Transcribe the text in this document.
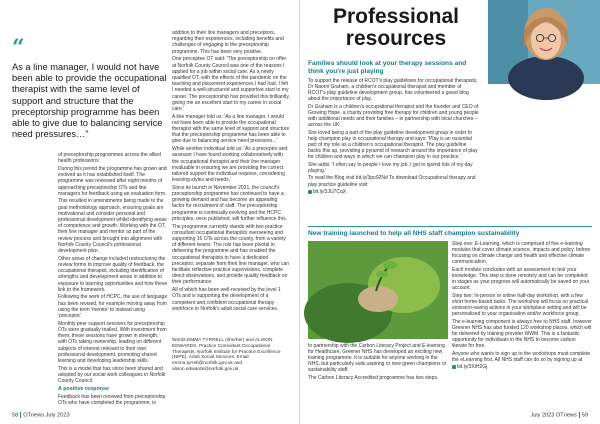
“
As a line manager, I would not have been able to provide the occupational therapist with the same level of support and structure that the preceptorship programme has been able to give due to balancing service need pressures…”

of preceptorship programmes across the allied health professions.

During this period the programme has grown and evolved as it has established itself. The programme was reviewed after eight months of approaching preceptorship OTs and line managers for feedback using an evaluation form.

This resulted in amendments being made to the goal methodology approach, ensuring goals are motivational and consider personal and professional development whilst identifying areas of competence and growth. Working with the OT, their line manager and mentor as part of the review process and brought into alignment with Norfolk County Council's professional development plan.

Other areas of change included restructuring the review forms to improve quality of feedback, the occupational therapist, including identification of strengths and development areas in addition to exposure to learning opportunities and how these link to the framework.

Following the work of HCPC, the use of language has been revised, for example moving away from using the term 'mentor' to instead using 'preceptor'.

Monthly peer support sessions for preceptorship OTs were gradually trialled. With investment from them, these sessions have grown in strength, with OTs taking ownership, leading on different subjects of interest relevant to their own professional development, promoting shared learning and developing leadership skills.

This is a model that has since been shared and adopted by our social work colleagues in Norfolk County Council.

A positive response

Feedback has been received from preceptorship OTs who have completed the programme, in

addition to their line managers and preceptors, regarding their experiences, including benefits and challenges of engaging in the preceptorship programme. This has been very positive.

One preceptee OT said: 'The preceptorship on offer at Norfolk County Council was one of the reasons I applied for a job within social care. As a newly qualified OT, with the effects of the pandemic on the teaching and placement experiences I had had, I felt I needed a well-structured and supportive start to my career. The preceptorship has provided this brilliantly, giving me an excellent start to my career in social care.'

A line manager told us: 'As a line manager, I would not have been able to provide the occupational therapist with the same level of support and structure that the preceptorship programme has been able to give due to balancing service need pressures...'

While another individual told us: 'As a preceptor and assessor I have found working collaboratively with the occupational therapist and their line manager invaluable in ensuring we are providing the correct tailored support the individual requires, considering learning styles and needs.'

Since its launch in November 2021, the council's preceptorship programme has continued to have a growing demand and has become an appealing factor for recruitment of staff. The preceptorship programme is continually evolving and the HCPC principles, once published, will further influence this.

The programme currently stands with two practice consultant occupational therapists overseeing and supporting 16 OTs across the county, from a variety of different teams. The role has been pivotal in delivering the programme and has enabled the occupational therapists to have a dedicated preceptor, separate from their line manager, who can facilitate reflective practice supervisions, complete direct observations, and provide quality feedback on their performance.

All of which has been well-received by the level 1 OTs and is supporting the development of a competent and confident occupational therapy workforce in Norfolk's adult social care services.

Words EMMA TYRRELL (she/her) and ALISON EDWARDS, Practice Consultant Occupational Therapists, Norfolk Institute for Practice Excellence (NIPE), Adult Social Services. Email emma.tyrrell@norfolk.gov.uk and alison.edwards@norfolk.gov.uk

58 OTnews July 2023
Professional
resources
Families should look at your therapy sessions and think you're just playing

To support the release of RCOT's play guidelines for occupational therapists, Dr Naomi Graham, a children's occupational therapist and member of RCOT's play guideline development group, has volunteered a guest blog about the importance of play.

Dr Graham is a children's occupational therapist and the founder and CEO of Growing Hope, a charity providing free therapy for children and young people with additional needs and their families – in partnership with local churches – across the UK.

She loved being a part of the play guideline development group in order to help champion play in occupational therapy and says: 'Play is an essential part of my role as a children's occupational therapist. The play guideline backs this up, providing a pyramid of research around the importance of play for children and ways in which we can champion play in our practice.'

She adds: 'I often say to people I love my job, I get to spend lots of my day playing.'

To read the Blog visit bit.ly/3po92Nd To download Occupational therapy and play practice guideline visit

bit.ly/3JU7CqX

New training launched to help all NHS staff champion sustainability

In partnership with the Carbon Literacy Project and E-learning for Healthcare, Greener NHS has developed an exciting new training programme. It is suitable for anyone working in the NHS, but particularly suits aspiring or new green champions or sustainability staff.

The Carbon Literacy Accredited programme has two steps.

Step one: E-Learning, which is comprised of five e-learning modules that cover climate science, impacts and policy, before focusing on climate change and health and effective climate communication.

Each module concludes with an assessment to test your knowledge. This step is done remotely and can be completed in stages as your progress will automatically be saved on your account.

Step two: In-person or online half-day workshop, with a few short home-based tasks. The workshop will focus on practical emission-saving actions in your workplace setting and will be personalised to your organisation and/or workforce group.

The e-learning component is always free to NHS staff, however Greener NHS has also funded 120 workshop places, which will be delivered by training provider WWM. This is a fantastic opportunity for individuals in the NHS to become carbon literate for free.

Anyone who wants to sign up to the workshops must complete the eLearning first. All NHS staff can do so by signing up at

bit.ly/3XiH2Gj

July 2023 OTnews 59
